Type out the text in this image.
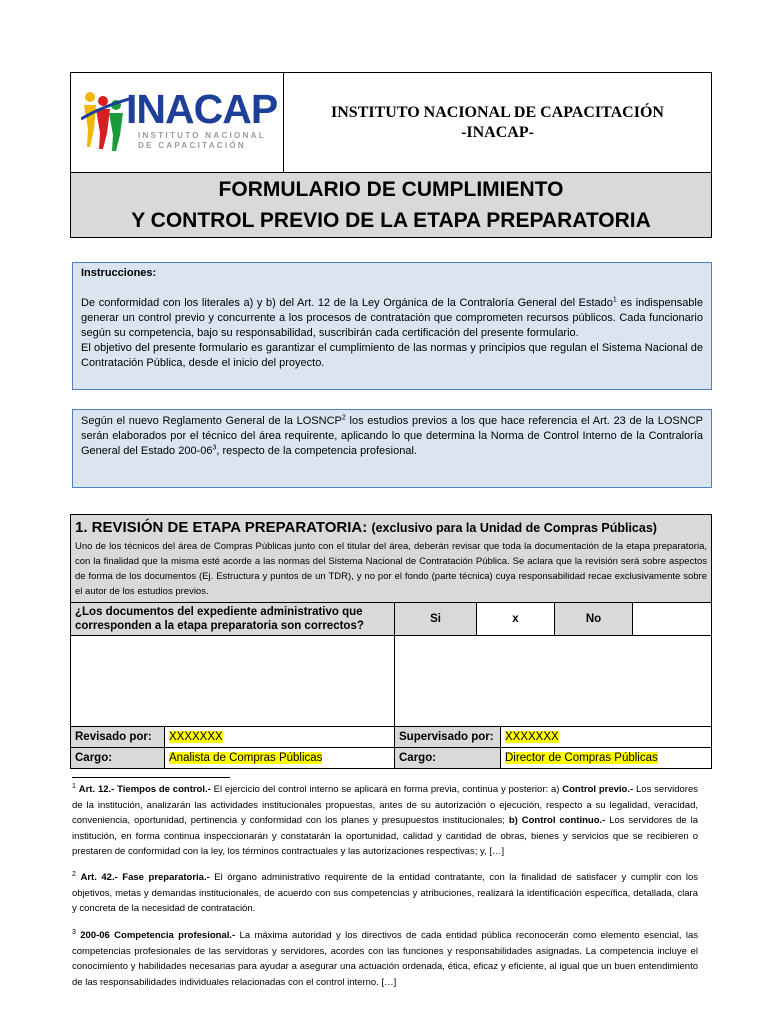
INACAP
INSTITUTO NACIONAL
DE CAPACITACIÓN
INSTITUTO NACIONAL DE CAPACITACIÓN
-INACAP-
FORMULARIO DE CUMPLIMIENTO
Y CONTROL PREVIO DE LA ETAPA PREPARATORIA

Instrucciones:

De conformidad con los literales a) y b) del Art. 12 de la Ley Orgánica de la Contraloría General del Estado$^1$ es indispensable generar un control previo y concurrente a los procesos de contratación que comprometen recursos públicos. Cada funcionario según su competencia, bajo su responsabilidad, suscribirán cada certificación del presente formulario.

El objetivo del presente formulario es garantizar el cumplimiento de las normas y principios que regulan el Sistema Nacional de Contratación Pública, desde el inicio del proyecto.

Según el nuevo Reglamento General de la LOSNCP$^2$ los estudios previos a los que hace referencia el Art. 23 de la LOSNCP serán elaborados por el técnico del área requirente, aplicando lo que determina la Norma de Control Interno de la Contraloría General del Estado $200-06^3$, respecto de la competencia profesional.

1. REVISIÓN DE ETAPA PREPARATORIA: (exclusivo para la Unidad de Compras Públicas)
Uno de los técnicos del área de Compras Públicas junto con el titular del área, deberán revisar que toda la documentación de la etapa preparatoria, con la finalidad que la misma esté acorde a las normas del Sistema Nacional de Contratación Pública. Se aclara que la revisión será sobre aspectos de forma de los documentos (Ej. Estructura y puntos de un TDR), y no por el fondo (parte técnica) cuya responsabilidad recae exclusivamente sobre el autor de los estudios previos.
¿Los documentos del expediente administrativo que corresponden a la etapa preparatoria son correctos?
Si	x	No
Revisado por:	XXXXXXX	Supervisado por: XXXXXXX
Cargo:	Analista de Compras Públicas	Cargo:	Director de Compras Públicas
$^1$ Art. 12.- Tiempos de control.- El ejercicio del control interno se aplicará en forma previa, continua y posterior: a) Control previo.- Los servidores de la institución, analizarán las actividades institucionales propuestas, antes de su autorización o ejecución, respecto a su legalidad, veracidad, conveniencia, oportunidad, pertinencia y conformidad con los planes y presupuestos institucionales; b) Control continuo.- Los servidores de la institución, en forma continua inspeccionarán y constatarán la oportunidad, calidad y cantidad de obras, bienes y servicios que se recibieren o prestaren de conformidad con la ley, los términos contractuales y las autorizaciones respectivas; y, […]
$^2$ Art. 42.- Fase preparatoria.- El órgano administrativo requirente de la entidad contratante, con la finalidad de satisfacer y cumplir con los objetivos, metas y demandas institucionales, de acuerdo con sus competencias y atribuciones, realizará la identificación específica, detallada, clara y concreta de la necesidad de contratación.
$^3$ 200-06 Competencia profesional.- La máxima autoridad y los directivos de cada entidad pública reconocerán como elemento esencial, las competencias profesionales de las servidoras y servidores, acordes con las funciones y responsabilidades asignadas. La competencia incluye el conocimiento y habilidades necesarias para ayudar a asegurar una actuación ordenada, ética, eficaz y eficiente, al igual que un buen entendimiento de las responsabilidades individuales relacionadas con el control interno. […]
